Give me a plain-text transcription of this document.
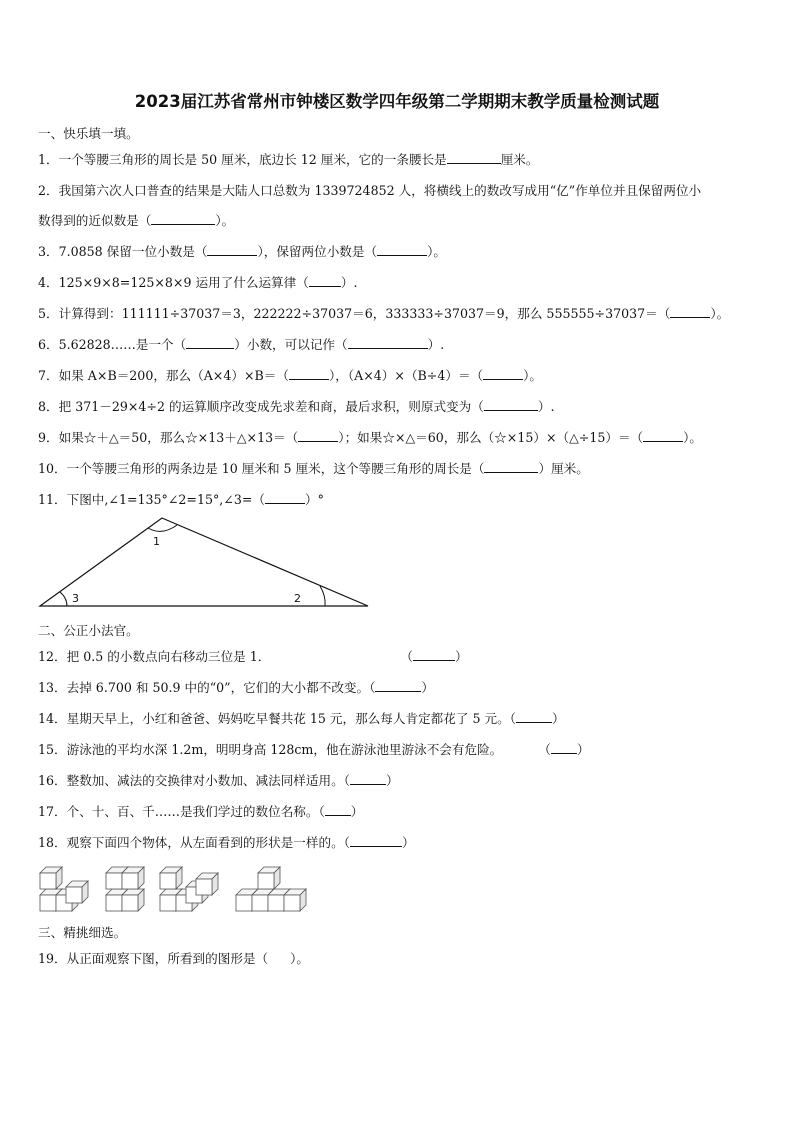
2023届江苏省常州市钟楼区数学四年级第二学期期末教学质量检测试题
一、快乐填一填。
1．一个等腰三角形的周长是 50 厘米，底边长 12 厘米，它的一条腰长是	厘米。
2．我国第六次人口普查的结果是大陆人口总数为 1339724852 人，将横线上的数改写成用“亿”作单位并且保留两位小
数得到的近似数是（	）。
3．7.0858 保留一位小数是（	），保留两位小数是（	）。
4．125×9×8=125×8×9 运用了什么运算律（	）.
5．计算得到：111111÷37037＝3，222222÷37037＝6，333333÷37037＝9，那么 555555÷37037＝（	）。
6．5.62828……是一个（	）小数，可以记作（	）.
7．如果 A×B＝200，那么（A×4）×B＝（	），（A×4）×（B÷4）＝（	）。
8．把 371－29×4÷2 的运算顺序改变成先求差和商，最后求积，则原式变为（	）.
9．如果☆＋△＝50，那么☆×13＋△×13＝（	）；如果☆×△＝60，那么（☆×15）×（△÷15）＝（	）。
10．一个等腰三角形的两条边是 10 厘米和 5 厘米，这个等腰三角形的周长是（	）厘米。
11．下图中,∠1=135°∠2=15°,∠3=（	）°
1
2
3
二、公正小法官。
12．把 0.5 的小数点向右移动三位是 1．	（	）
13．去掉 6.700 和 50.9 中的“0”，它们的大小都不改变。（	）
14．星期天早上，小红和爸爸、妈妈吃早餐共花 15 元，那么每人肯定都花了 5 元。（	）
15．游泳池的平均水深 1.2m，明明身高 128cm，他在游泳池里游泳不会有危险。	（ ）
16．整数加、减法的交换律对小数加、减法同样适用。（	）
17．个、十、百、千……是我们学过的数位名称。（ ）
18．观察下面四个物体，从左面看到的形状是一样的。（	）
三、精挑细选。
19．从正面观察下图，所看到的图形是（ ）。
